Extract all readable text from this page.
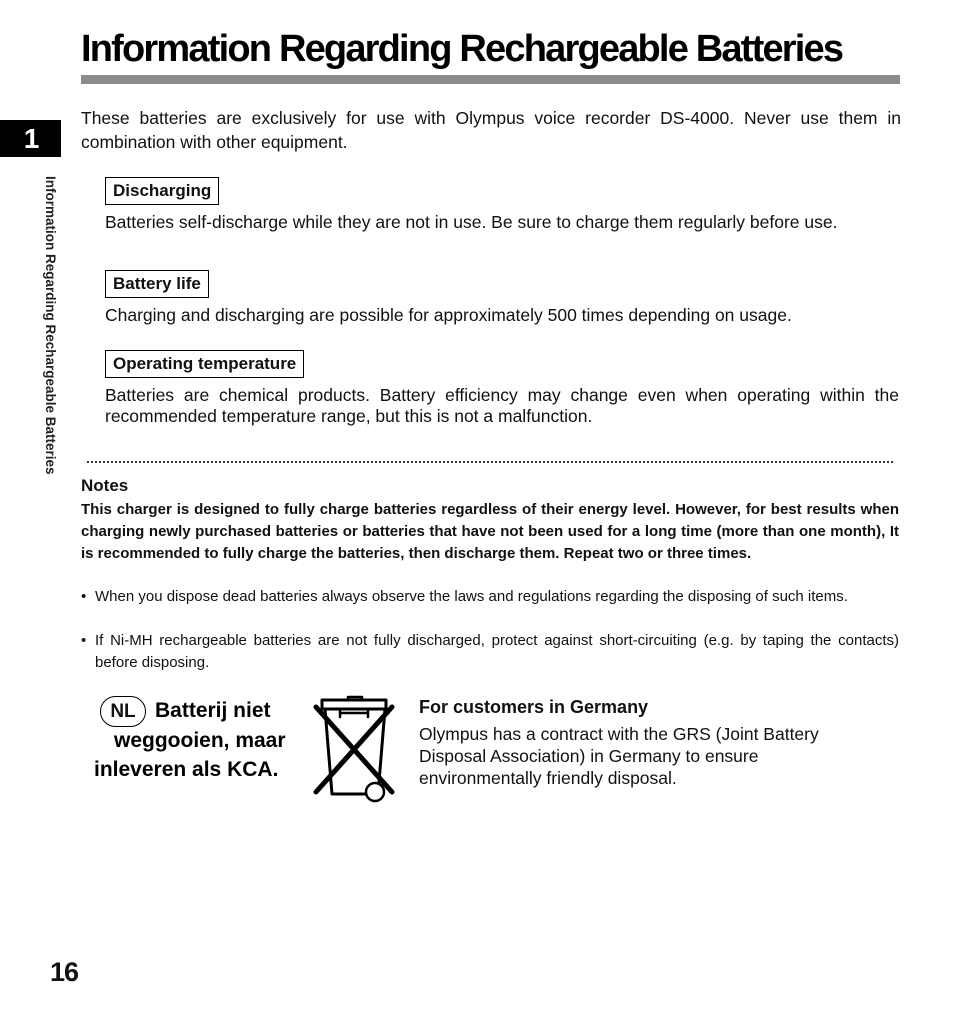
Information Regarding Rechargeable Batteries
1
Information Regarding Rechargeable Batteries

These batteries are exclusively for use with Olympus voice recorder DS-4000. Never use them in combination with other equipment.

Discharging

Batteries self-discharge while they are not in use. Be sure to charge them regularly before use.

Battery life

Charging and discharging are possible for approximately 500 times depending on usage.

Operating temperature

Batteries are chemical products. Battery efficiency may change even when operating within the recommended temperature range, but this is not a malfunction.

Notes

This charger is designed to fully charge batteries regardless of their energy level. However, for best results when charging newly purchased batteries or batteries that have not been used for a long time (more than one month), It is recommended to fully charge the batteries, then discharge them. Repeat two or three times.

• When you dispose dead batteries always observe the laws and regulations regarding the disposing of such items.
• If Ni-MH rechargeable batteries are not fully discharged, protect against short-circuiting (e.g. by taping the contacts) before disposing.
NL Batterij niet
weggooien, maar
inleveren als KCA.
For customers in Germany

Olympus has a contract with the GRS (Joint Battery Disposal Association) in Germany to ensure environmentally friendly disposal.

16
